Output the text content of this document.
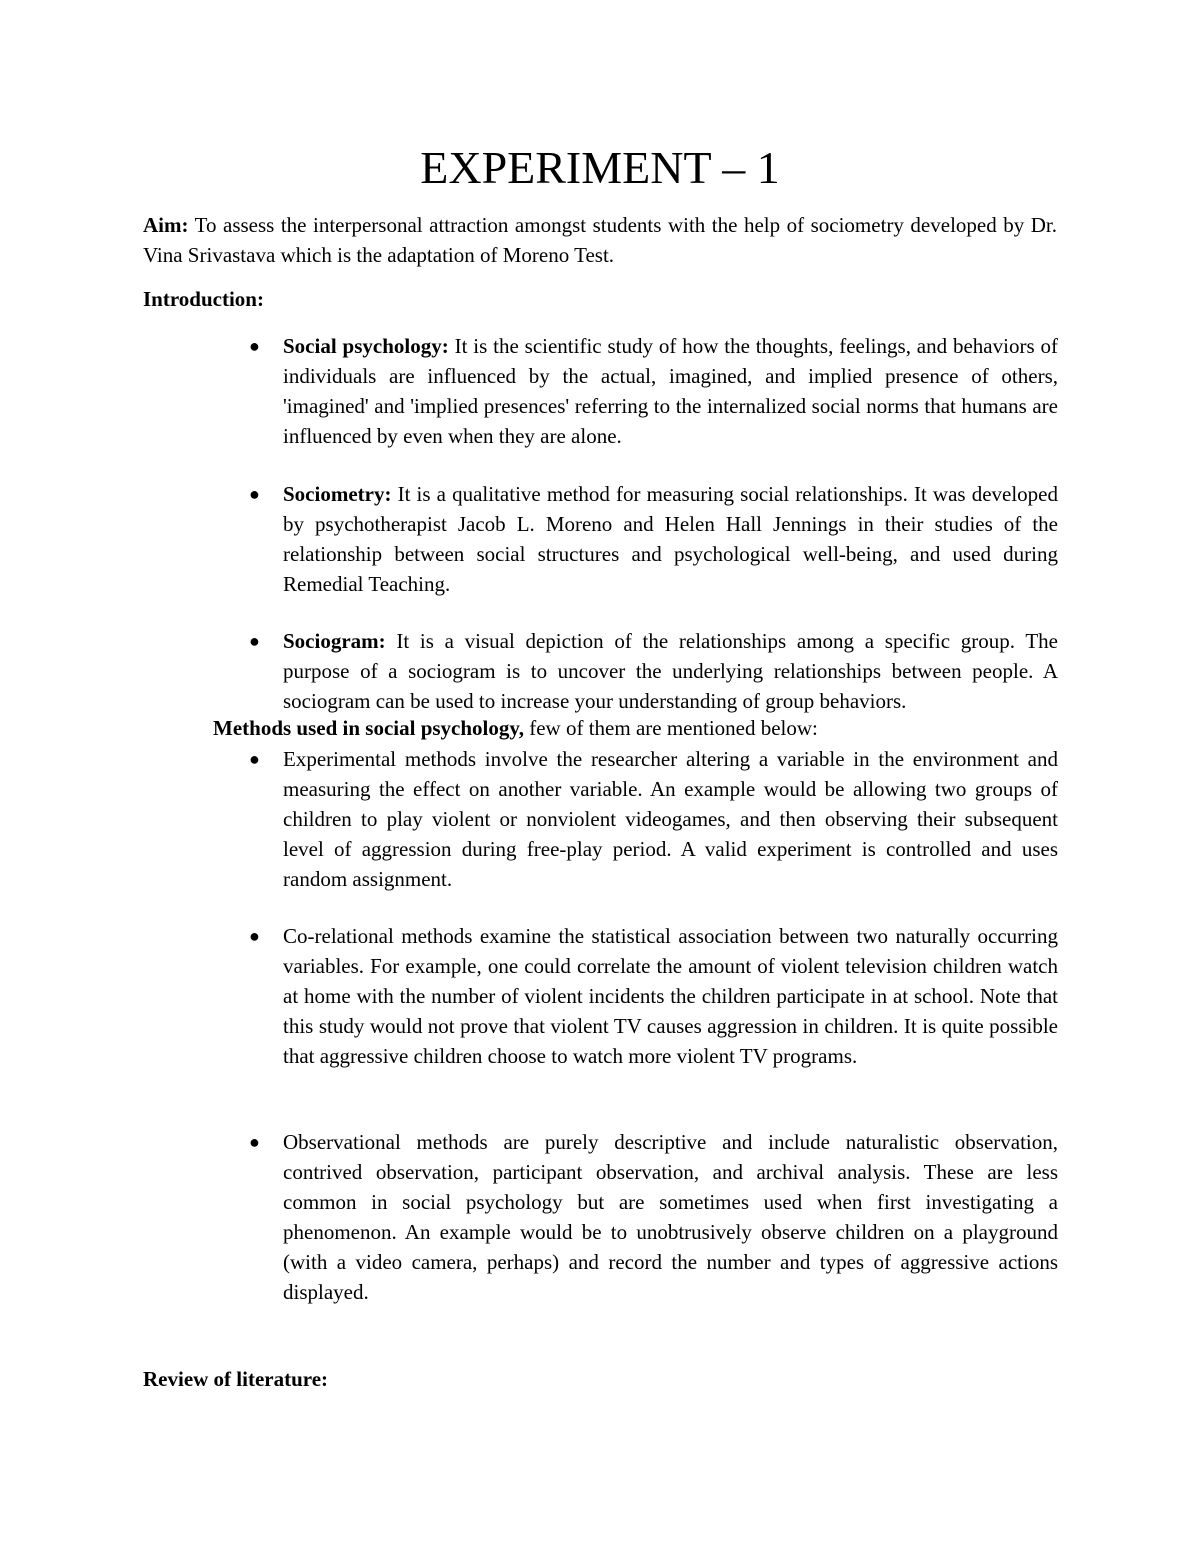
EXPERIMENT – 1

Aim: To assess the interpersonal attraction amongst students with the help of sociometry developed by Dr. Vina Srivastava which is the adaptation of Moreno Test.

Introduction:

● Social psychology: It is the scientific study of how the thoughts, feelings, and behaviors of individuals are influenced by the actual, imagined, and implied presence of others, 'imagined' and 'implied presences' referring to the internalized social norms that humans are influenced by even when they are alone.
● Sociometry: It is a qualitative method for measuring social relationships. It was developed by psychotherapist Jacob L. Moreno and Helen Hall Jennings in their studies of the relationship between social structures and psychological well-being, and used during Remedial Teaching.
● Sociogram: It is a visual depiction of the relationships among a specific group. The purpose of a sociogram is to uncover the underlying relationships between people. A sociogram can be used to increase your understanding of group behaviors.

Methods used in social psychology, few of them are mentioned below:

● Experimental methods involve the researcher altering a variable in the environment and measuring the effect on another variable. An example would be allowing two groups of children to play violent or nonviolent videogames, and then observing their subsequent level of aggression during free-play period. A valid experiment is controlled and uses random assignment.
● Co-relational methods examine the statistical association between two naturally occurring variables. For example, one could correlate the amount of violent television children watch at home with the number of violent incidents the children participate in at school. Note that this study would not prove that violent TV causes aggression in children. It is quite possible that aggressive children choose to watch more violent TV programs.
● Observational methods are purely descriptive and include naturalistic observation, contrived observation, participant observation, and archival analysis. These are less common in social psychology but are sometimes used when first investigating a phenomenon. An example would be to unobtrusively observe children on a playground (with a video camera, perhaps) and record the number and types of aggressive actions displayed.

Review of literature:
